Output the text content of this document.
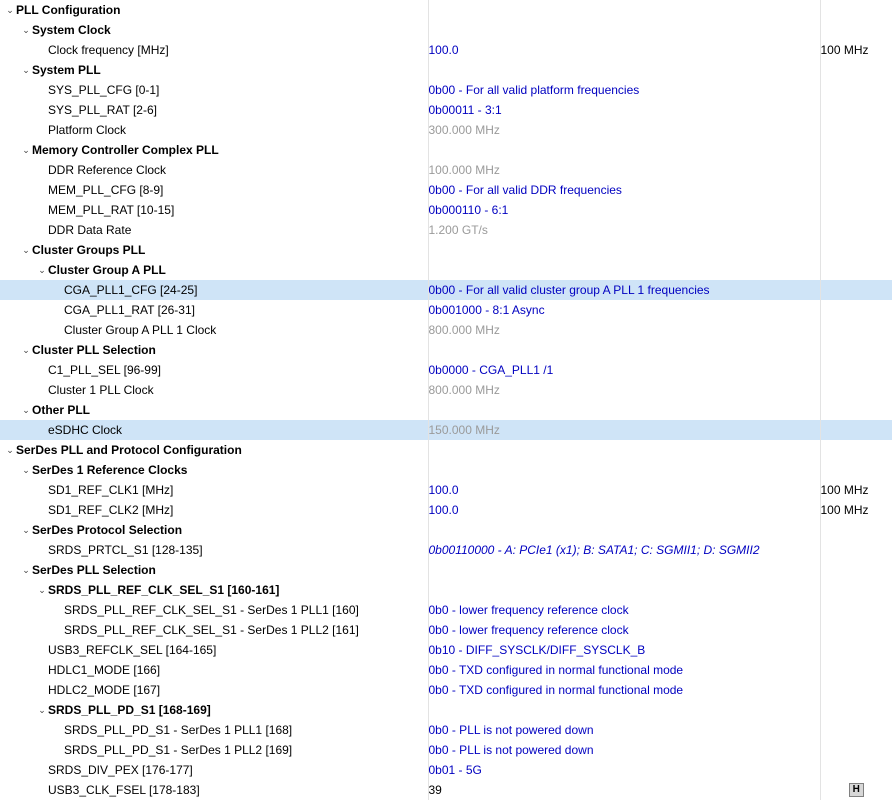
⌄ PLL Configuration		
⌄ System Clock		
Clock frequency [MHz]	100.0	100 MHz
⌄ System PLL		
SYS_PLL_CFG [0-1]	0b00 - For all valid platform frequencies	
SYS_PLL_RAT [2-6]	0b00011 - 3:1	
Platform Clock	300.000 MHz	
⌄ Memory Controller Complex PLL		
DDR Reference Clock	100.000 MHz	
MEM_PLL_CFG [8-9]	0b00 - For all valid DDR frequencies	
MEM_PLL_RAT [10-15]	0b000110 - 6:1	
DDR Data Rate	1.200 GT/s	
⌄ Cluster Groups PLL		
⌄ Cluster Group A PLL		
CGA_PLL1_CFG [24-25]	0b00 - For all valid cluster group A PLL 1 frequencies	
CGA_PLL1_RAT [26-31]	0b001000 - 8:1 Async	
Cluster Group A PLL 1 Clock	800.000 MHz	
⌄ Cluster PLL Selection		
C1_PLL_SEL [96-99]	0b0000 - CGA_PLL1 /1	
Cluster 1 PLL Clock	800.000 MHz	
⌄ Other PLL		
eSDHC Clock	150.000 MHz	
⌄ SerDes PLL and Protocol Configuration		
⌄ SerDes 1 Reference Clocks		
SD1_REF_CLK1 [MHz]	100.0	100 MHz
SD1_REF_CLK2 [MHz]	100.0	100 MHz
⌄ SerDes Protocol Selection		
SRDS_PRTCL_S1 [128-135]	0b00110000 - A: PCIe1 (x1); B: SATA1; C: SGMII1; D: SGMII2	
⌄ SerDes PLL Selection		
⌄ SRDS_PLL_REF_CLK_SEL_S1 [160-161]		
SRDS_PLL_REF_CLK_SEL_S1 - SerDes 1 PLL1 [160]	0b0 - lower frequency reference clock	
SRDS_PLL_REF_CLK_SEL_S1 - SerDes 1 PLL2 [161]	0b0 - lower frequency reference clock	
USB3_REFCLK_SEL [164-165]	0b10 - DIFF_SYSCLK/DIFF_SYSCLK_B	
HDLC1_MODE [166]	0b0 - TXD configured in normal functional mode	
HDLC2_MODE [167]	0b0 - TXD configured in normal functional mode	
⌄ SRDS_PLL_PD_S1 [168-169]		
SRDS_PLL_PD_S1 - SerDes 1 PLL1 [168]	0b0 - PLL is not powered down	
SRDS_PLL_PD_S1 - SerDes 1 PLL2 [169]	0b0 - PLL is not powered down	
SRDS_DIV_PEX [176-177]	0b01 - 5G	
USB3_CLK_FSEL [178-183]	39	H
